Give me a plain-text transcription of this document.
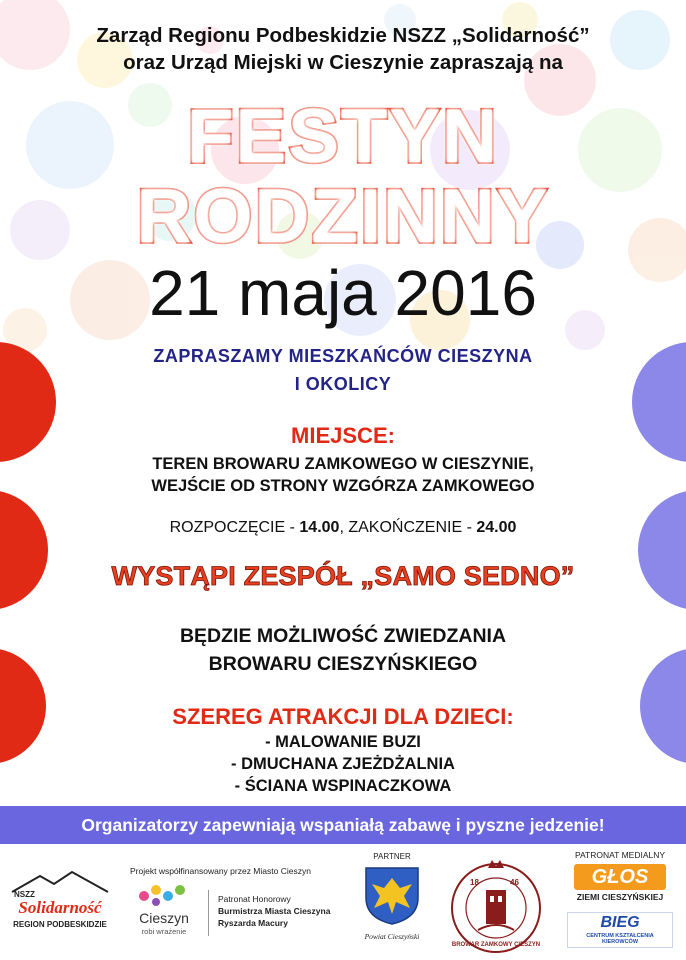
Zarząd Regionu Podbeskidzie NSZZ „Solidarność”
oraz Urząd Miejski w Cieszynie zapraszają na
FESTYN
RODZINNY
21 maja 2016
ZAPRASZAMY MIESZKAŃCÓW CIESZYNA
I OKOLICY
MIEJSCE:
TEREN BROWARU ZAMKOWEGO W CIESZYNIE,
WEJŚCIE OD STRONY WZGÓRZA ZAMKOWEGO
ROZPOCZĘCIE - 14.00, ZAKOŃCZENIE - 24.00
WYSTĄPI ZESPÓŁ „SAMO SEDNO”
BĘDZIE MOŻLIWOŚĆ ZWIEDZANIA
BROWARU CIESZYŃSKIEGO
SZEREG ATRAKCJI DLA DZIECI:
- MALOWANIE BUZI
- DMUCHANA ZJEŻDŻALNIA
- ŚCIANA WSPINACZKOWA
Organizatorzy zapewniają wspaniałą zabawę i pyszne jedzenie!
NSZZ
Solidarność
REGION PODBESKIDZIE
Projekt współfinansowany przez Miasto Cieszyn
Cieszyn
robi wrażenie
Patronat Honorowy
Burmistrza Miasta Cieszyna
Ryszarda Macury
PARTNER
Powiat Cieszyński
18	46
BROWAR ZAMKOWY CIESZYN
PATRONAT MEDIALNY
GŁOS
ZIEMI CIESZYŃSKIEJ
BIEG
CENTRUM KSZTAŁCENIA KIEROWCÓW
